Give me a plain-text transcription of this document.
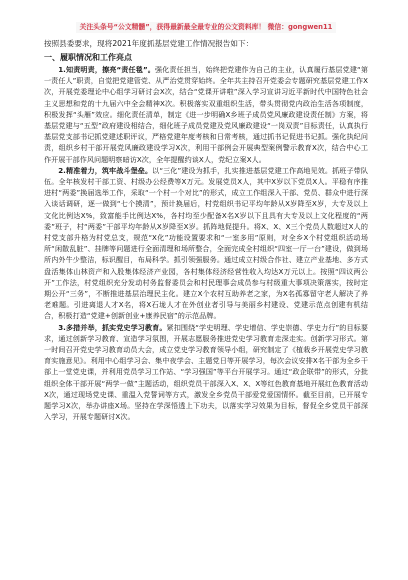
关注头条号“公文精髓”，获得最新最全最专业的公文资料库！ 微信：gongwen11
按照县委要求，现将2021年度抓基层党建工作情况报告如下：
一、履职情况和工作亮点

1.知责明责，擦亮“责任毯”。强化责任担当，始终把党建作为自己的主业，认真履行基层党建“第一责任人”职责，自觉把党建管党、从严治党贯穿始终。全年共主持召开党委会专题研究基层党建工作X次，开展党委理论中心组学习研讨会X次，结合“党课开讲啦”深入学习宣讲习近平新时代中国特色社会主义思想和党的十九届六中全会精神X次。积极落实双重组织生活，带头贯彻党内政治生活各项制度，积极发挥“头雁”效应。细化责任清单，制定《进一步明确X乡班子成员党风廉政建设责任制》方案，将基层党建与“五型”政府建设相结合，细化班子成员党建及党风廉政建设“一岗双责”目标责任，认真执行基层党支部书记抓党建述职评议，严格党建年度考核和日常考核，通过抓书记促进书记抓。强化执纪问责，组织乡村干部开展党风廉政建设学习X次，利用干部例会开展典型案例警示教育X次，结合中心工作开展干部作风问题明察暗访X次，全年提醒约谈X人，党纪立案X人。

2.精准着力，筑牢战斗堡垒。以“三化”建设为抓手，扎实推进基层党建工作高地见效。抓班子带队伍。全年核发村干部工资、村级办公经费等X万元。发展党员X人，其中X岁以下党员X人。平稳有序推进村“两委”换届选举工作，采取“一个村一个对比”的形式，成立工作组深入干部、党员、群众中进行深入谈话调研，逐一做到“七个摸清”，预计换届后，村党组织书记平均年龄从X岁降至X岁，大专及以上文化比例达X%，致富能手比例达X%，各村均至少配备X名X岁以下且具有大专及以上文化程度的“两委”班子，村“两委”干部平均年龄从X岁降至X岁。抓阵地促提升。将X、X、X三个党员人数超过X人的村党支部升格为村党总支，规范“X化”功能设置要求和“一室多用”原则，对全乡X个村党组织活动场所“闲散乱脏”、挂牌等问题进行全面清理和场所整合，全面完成全村组织“四室一厅一台”建设，做到场所内外牛少整洁，标识醒目，布局科学。抓引领强服务。通过成立村级合作社、建立产业基地、多方式盘活集体山林资产和入股集体经济产业园，各村集体经济经营性收入均达X万元以上。按照“四议两公开”工作法，村党组织充分发动村务监督委员会和村民理事会成员参与村级重大事项决策落实，按时定期公开“三务”，不断推进基层治理民主化。建立X个农村互助养老之家，为X名孤寡留守老人解决了养老难题。引进离退人才X名，将X石垅人才在外创业者引导与美丽乡村建设、党建示范点创建有机结合，积极打造“党建+创新创业+康养民宿”的示范品牌。

3.多措并举，抓实党史学习教育。紧扣围绕“学史明理、学史增信、学史崇德、学史力行”的目标要求，通过创新学习教育、宣造学习氛围，开展志愿服务推进党史学习教育走深走实。创新学习形式。第一时间召开党史学习教育动员大会，成立党史学习教育领导小组，研究制定了《植栽乡开展党史学习教育实施意见》。利用中心组学习会、集中夜学会、主题党日等开展学习，每次会议安排X名干部为全乡干部上一堂党史课，并利用党员学习工作站、“学习强国”等平台开展学习。通过“政企联带”的形式，分批组织全体干部开展“两学一做”主题活动，组织党员干部深入X、X、X等红色教育基地开展红色教育活动X次，通过现场党史课、重温入党誓词等方式，激发全乡党员干部爱党爱国情怀。截至目前，已开展专题学习X次，举办讲座X场。坚持在学深悟透上下功夫，以落实学习效果为目标，督促全乡党员干部深入学习，开展专题研讨X次。
